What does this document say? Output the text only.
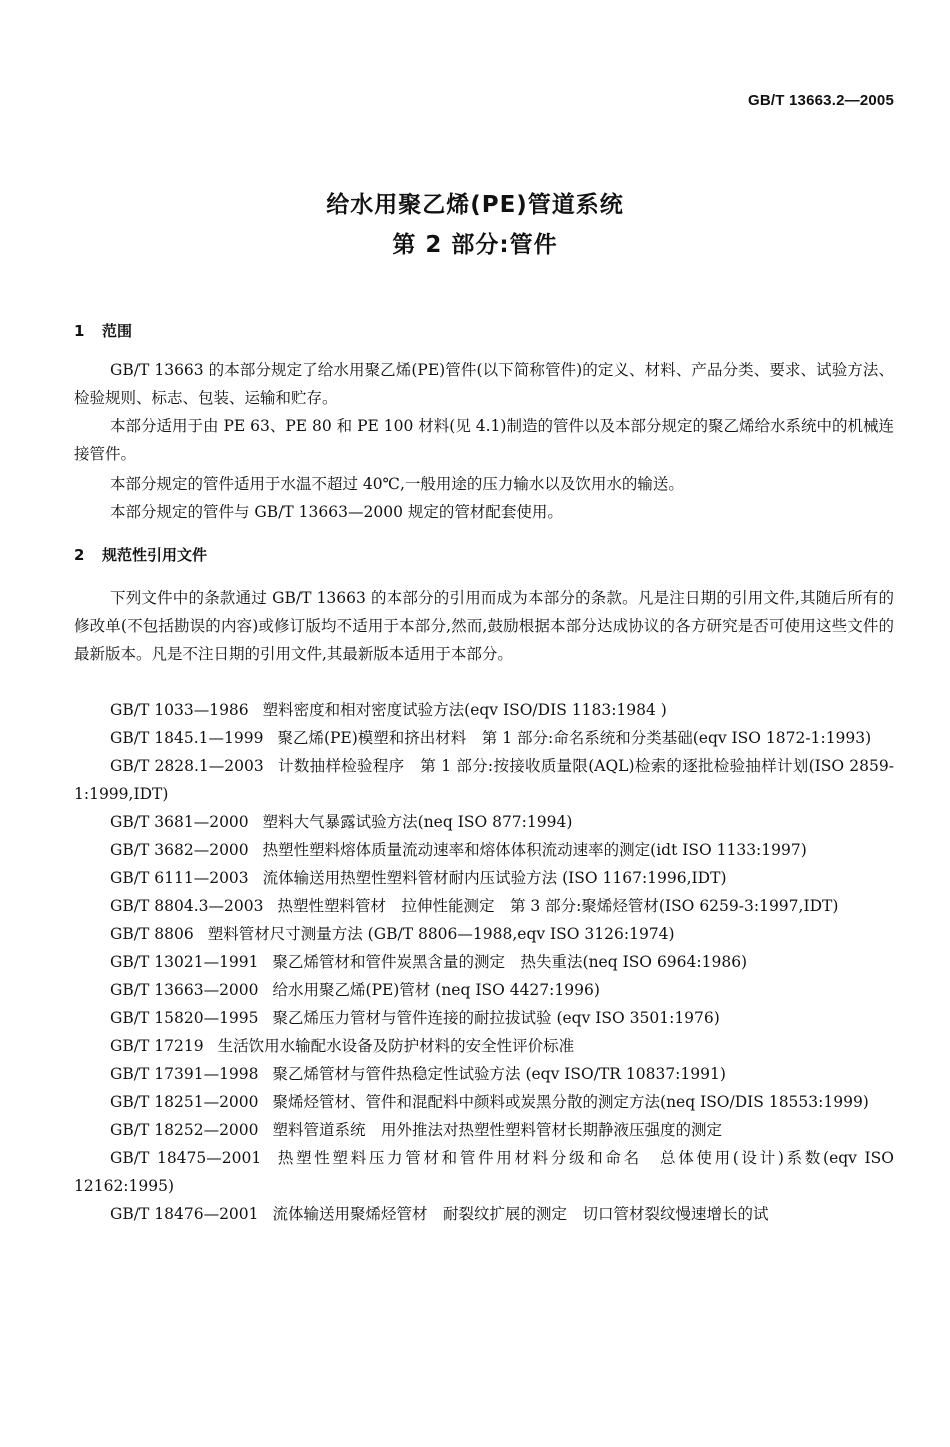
GB/T 13663.2—2005
给水用聚乙烯(PE)管道系统
第 2 部分:管件
1 范围
GB/T 13663 的本部分规定了给水用聚乙烯(PE)管件(以下简称管件)的定义、材料、产品分类、要求、试验方法、检验规则、标志、包装、运输和贮存。
本部分适用于由 PE 63、PE 80 和 PE 100 材料(见 4.1)制造的管件以及本部分规定的聚乙烯给水系统中的机械连接管件。
本部分规定的管件适用于水温不超过 40℃,一般用途的压力输水以及饮用水的输送。
本部分规定的管件与 GB/T 13663—2000 规定的管材配套使用。
2 规范性引用文件
下列文件中的条款通过 GB/T 13663 的本部分的引用而成为本部分的条款。凡是注日期的引用文件,其随后所有的修改单(不包括勘误的内容)或修订版均不适用于本部分,然而,鼓励根据本部分达成协议的各方研究是否可使用这些文件的最新版本。凡是不注日期的引用文件,其最新版本适用于本部分。
GB/T 1033—1986 塑料密度和相对密度试验方法(eqv ISO/DIS 1183:1984 )
GB/T 1845.1—1999 聚乙烯(PE)模塑和挤出材料　第 1 部分:命名系统和分类基础(eqv ISO 1872-1:1993)
GB/T 2828.1—2003 计数抽样检验程序　第 1 部分:按接收质量限(AQL)检索的逐批检验抽样计划(ISO 2859-1:1999,IDT)
GB/T 3681—2000 塑料大气暴露试验方法(neq ISO 877:1994)
GB/T 3682—2000 热塑性塑料熔体质量流动速率和熔体体积流动速率的测定(idt ISO 1133:1997)
GB/T 6111—2003 流体输送用热塑性塑料管材耐内压试验方法 (ISO 1167:1996,IDT)
GB/T 8804.3—2003 热塑性塑料管材　拉伸性能测定　第 3 部分:聚烯烃管材(ISO 6259-3:1997,IDT)
GB/T 8806 塑料管材尺寸测量方法 (GB/T 8806—1988,eqv ISO 3126:1974)
GB/T 13021—1991 聚乙烯管材和管件炭黑含量的测定　热失重法(neq ISO 6964:1986)
GB/T 13663—2000 给水用聚乙烯(PE)管材 (neq ISO 4427:1996)
GB/T 15820—1995 聚乙烯压力管材与管件连接的耐拉拔试验 (eqv ISO 3501:1976)
GB/T 17219 生活饮用水输配水设备及防护材料的安全性评价标准
GB/T 17391—1998 聚乙烯管材与管件热稳定性试验方法 (eqv ISO/TR 10837:1991)
GB/T 18251—2000 聚烯烃管材、管件和混配料中颜料或炭黑分散的测定方法(neq ISO/DIS 18553:1999)
GB/T 18252—2000 塑料管道系统　用外推法对热塑性塑料管材长期静液压强度的测定
GB/T 18475—2001 热塑性塑料压力管材和管件用材料分级和命名　总体使用(设计)系数(eqv ISO 12162:1995)
GB/T 18476—2001 流体输送用聚烯烃管材　耐裂纹扩展的测定　切口管材裂纹慢速增长的试
